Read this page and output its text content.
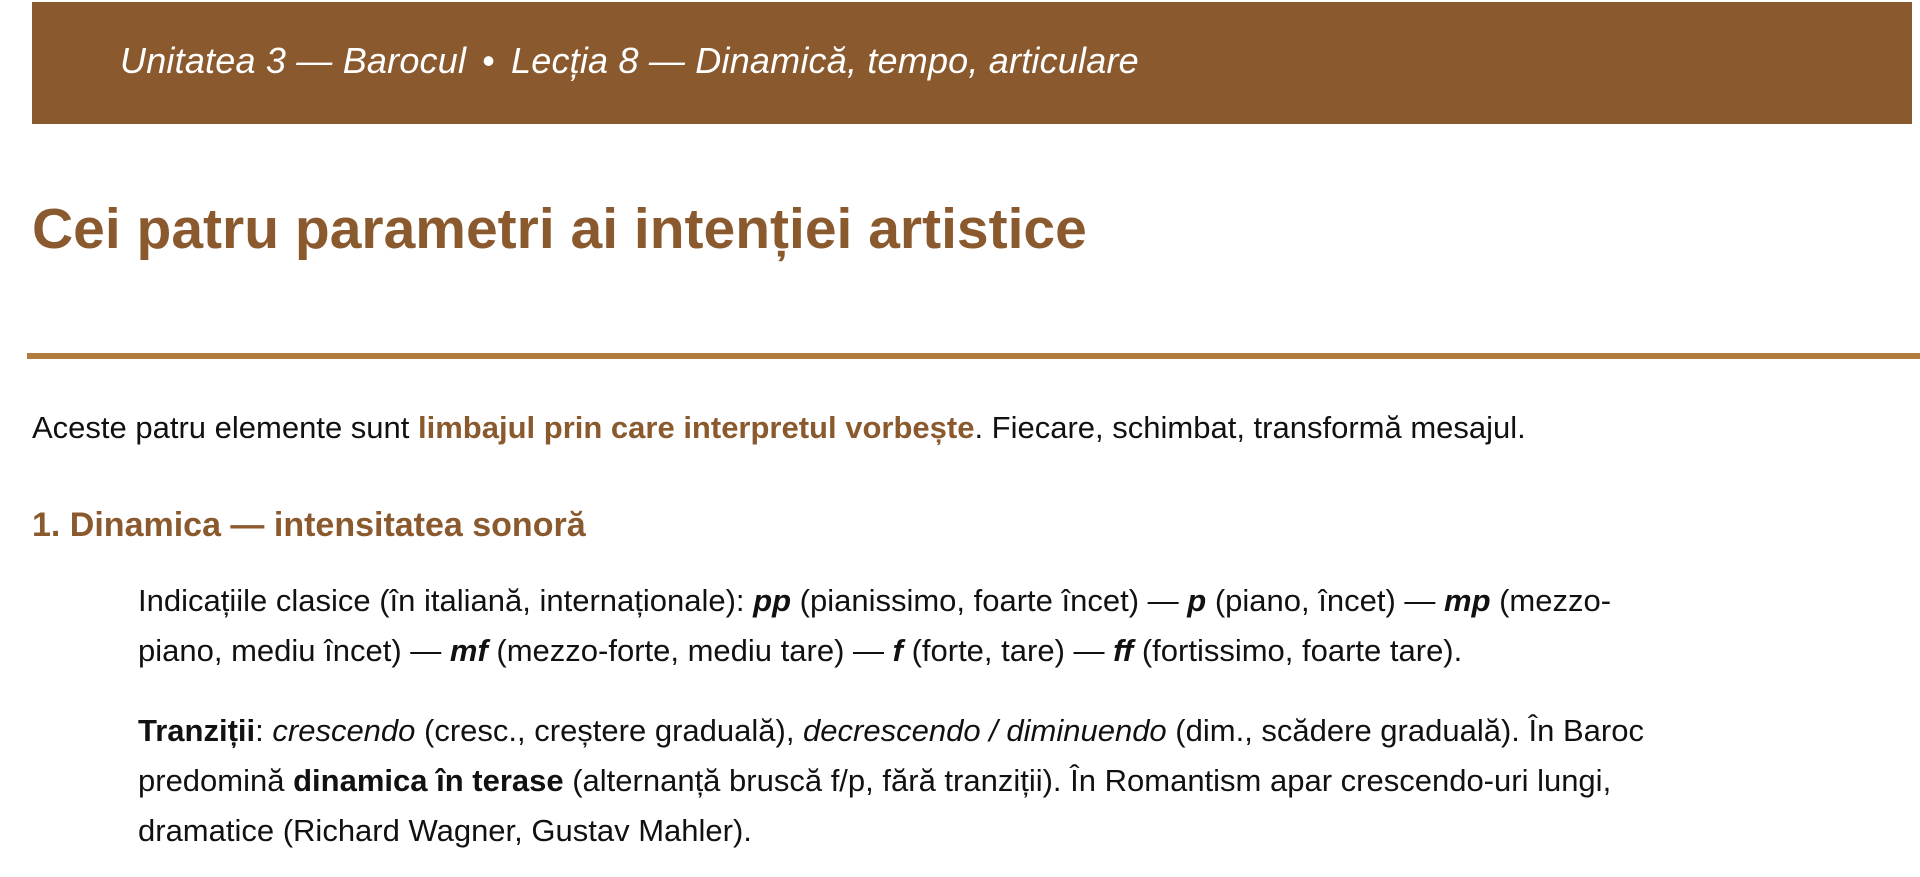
Unitatea 3 — Barocul • Lecția 8 — Dinamică, tempo, articulare
Cei patru parametri ai intenției artistice

Aceste patru elemente sunt limbajul prin care interpretul vorbește. Fiecare, schimbat, transformă mesajul.

1. Dinamica — intensitatea sonoră
Indicațiile clasice (în italiană, internaționale): pp (pianissimo, foarte încet) — p (piano, încet) — mp (mezzo-
piano, mediu încet) — mf (mezzo-forte, mediu tare) — f (forte, tare) — ff (fortissimo, foarte tare).
Tranziții: crescendo (cresc., creștere graduală), decrescendo / diminuendo (dim., scădere graduală). În Baroc
predomină dinamica în terase (alternanță bruscă f/p, fără tranziții). În Romantism apar crescendo-uri lungi,
dramatice (Richard Wagner, Gustav Mahler).
